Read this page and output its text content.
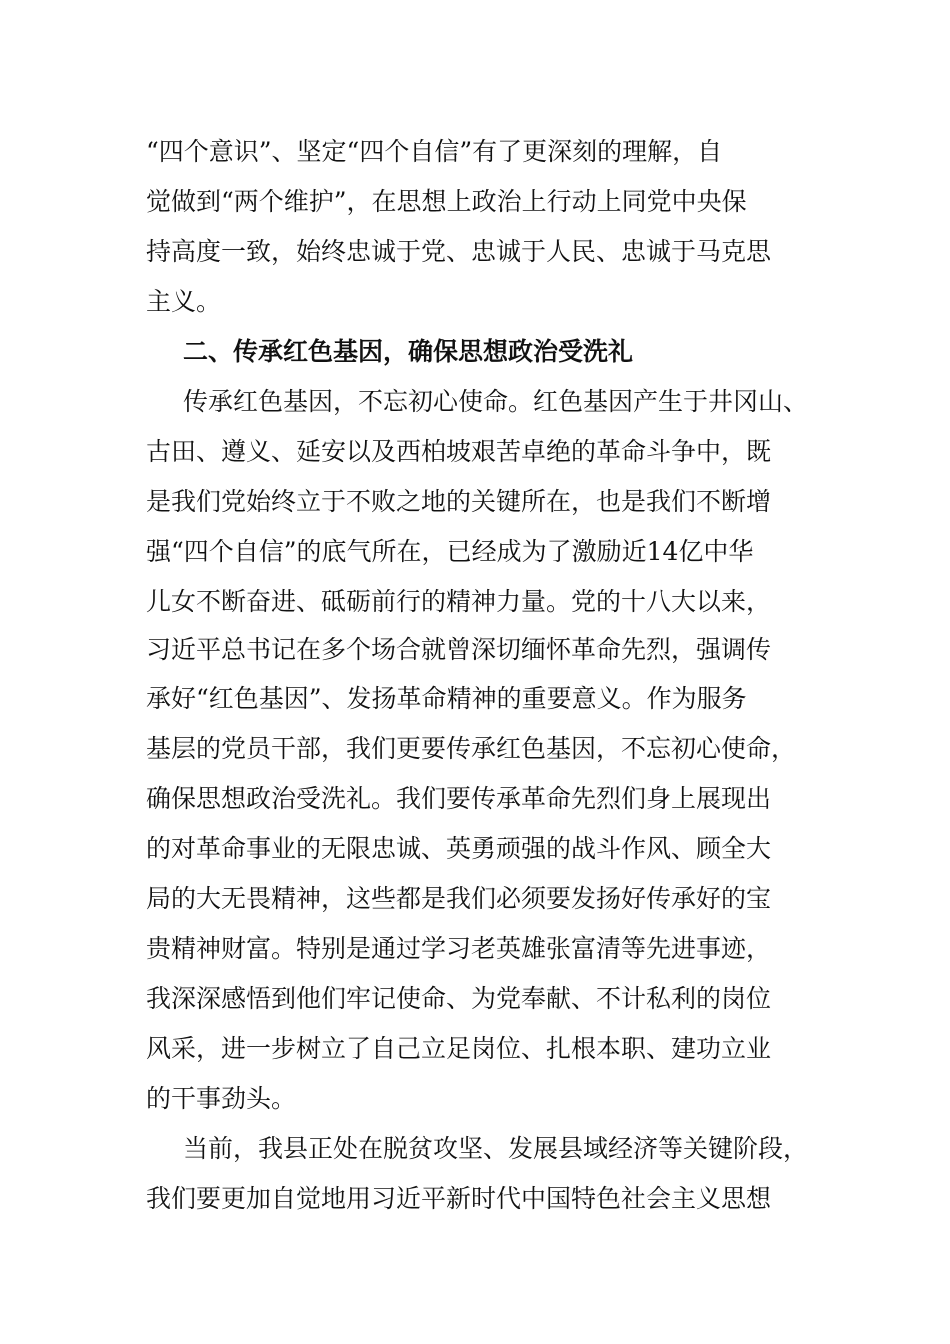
“四个意识”、坚定“四个自信”有了更深刻的理解，自
觉做到“两个维护”，在思想上政治上行动上同党中央保
持高度一致，始终忠诚于党、忠诚于人民、忠诚于马克思
主义。
二、传承红色基因，确保思想政治受洗礼
传承红色基因，不忘初心使命。红色基因产生于井冈山、
古田、遵义、延安以及西柏坡艰苦卓绝的革命斗争中，既
是我们党始终立于不败之地的关键所在，也是我们不断增
强“四个自信”的底气所在，已经成为了激励近14亿中华
儿女不断奋进、砥砺前行的精神力量。党的十八大以来，
习近平总书记在多个场合就曾深切缅怀革命先烈，强调传
承好“红色基因”、发扬革命精神的重要意义。作为服务
基层的党员干部，我们更要传承红色基因，不忘初心使命，
确保思想政治受洗礼。我们要传承革命先烈们身上展现出
的对革命事业的无限忠诚、英勇顽强的战斗作风、顾全大
局的大无畏精神，这些都是我们必须要发扬好传承好的宝
贵精神财富。特别是通过学习老英雄张富清等先进事迹，
我深深感悟到他们牢记使命、为党奉献、不计私利的岗位
风采，进一步树立了自己立足岗位、扎根本职、建功立业
的干事劲头。
当前，我县正处在脱贫攻坚、发展县域经济等关键阶段，
我们要更加自觉地用习近平新时代中国特色社会主义思想
